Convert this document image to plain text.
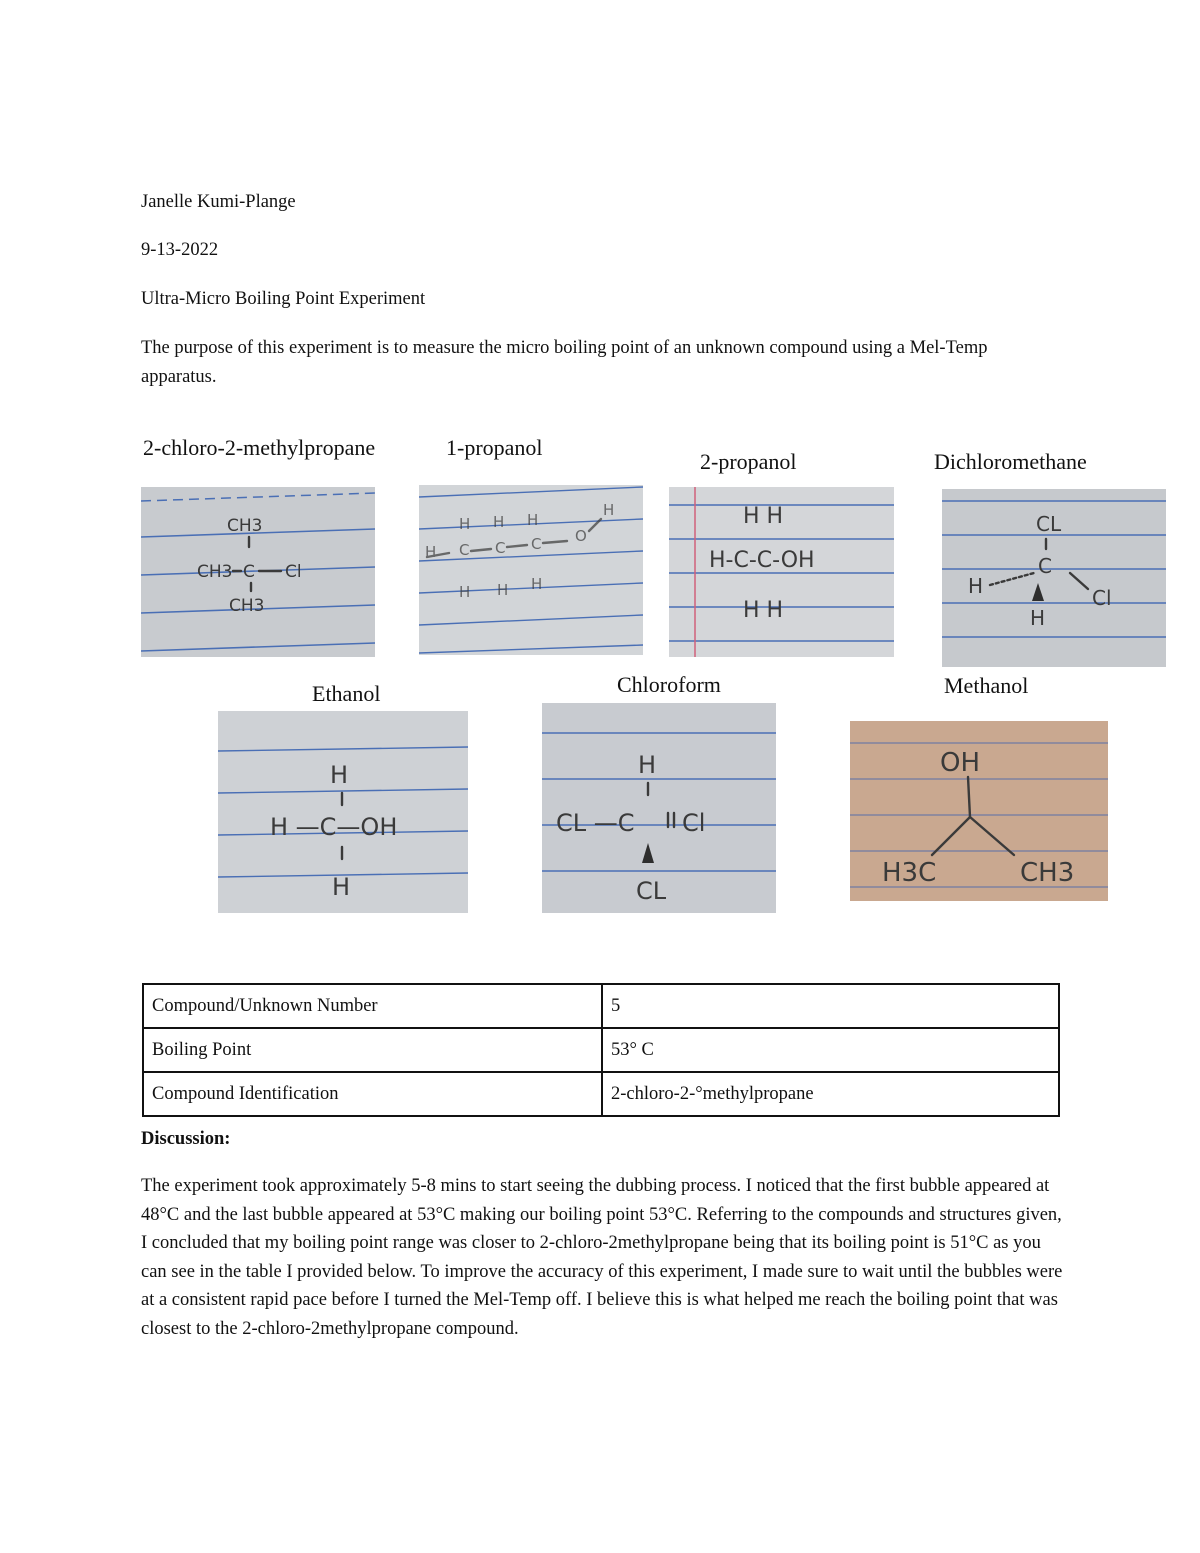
Janelle Kumi-Plange
9-13-2022
Ultra-Micro Boiling Point Experiment
The purpose of this experiment is to measure the micro boiling point of an unknown compound using a Mel-Temp apparatus.
2-chloro-2-methylpropane	1-propanol
2-propanol	Dichloromethane
CH3
CH3 C Cl
CH3
H H H
H
H C C C O
H H H
H H
H-C-C-OH
H H
CL
C
H	Cl
H
Ethanol	Chloroform	Methanol
H
H —C—OH
H
H
CL —C Cl
CL
OH
H3C	CH3
Compound/Unknown Number	5
Boiling Point	53° C
Compound Identification	2-chloro-2-°methylpropane
Discussion:
The experiment took approximately 5-8 mins to start seeing the dubbing process. I noticed that the first bubble appeared at 48°C and the last bubble appeared at 53°C making our boiling point 53°C. Referring to the compounds and structures given, I concluded that my boiling point range was closer to 2-chloro-2methylpropane being that its boiling point is 51°C as you can see in the table I provided below. To improve the accuracy of this experiment, I made sure to wait until the bubbles were at a consistent rapid pace before I turned the Mel-Temp off. I believe this is what helped me reach the boiling point that was closest to the 2-chloro-2methylpropane compound.
